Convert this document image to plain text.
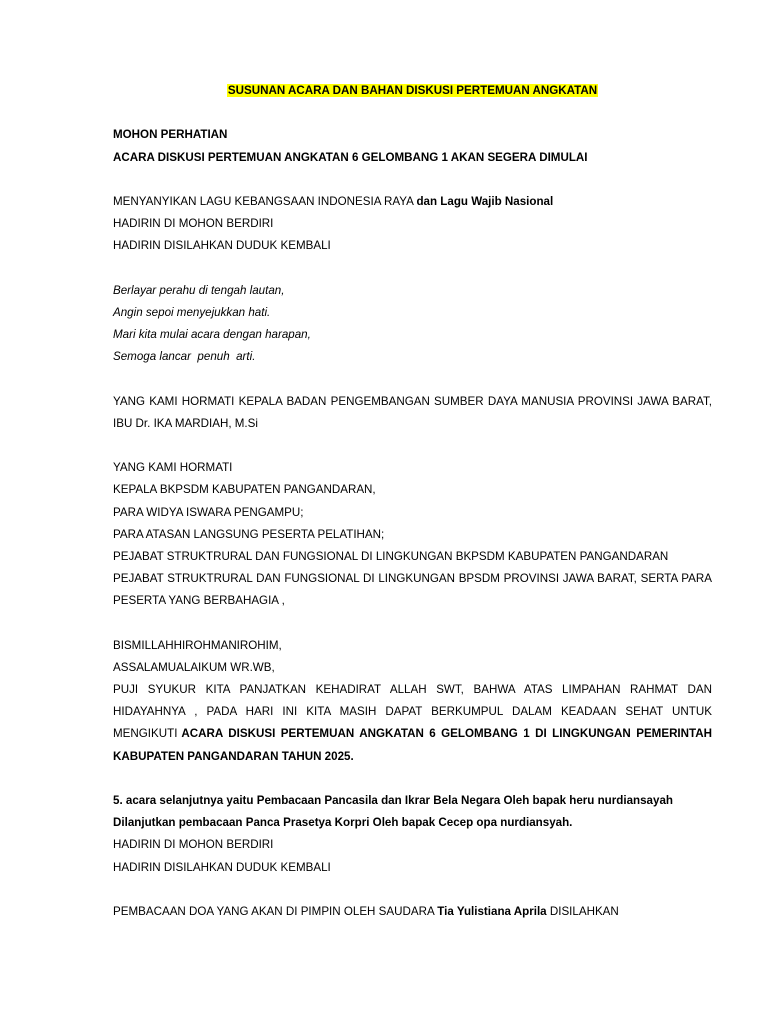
SUSUNAN ACARA DAN BAHAN DISKUSI PERTEMUAN ANGKATAN
MOHON PERHATIAN
ACARA DISKUSI PERTEMUAN ANGKATAN 6 GELOMBANG 1 AKAN SEGERA DIMULAI
MENYANYIKAN LAGU KEBANGSAAN INDONESIA RAYA dan Lagu Wajib Nasional
HADIRIN DI MOHON BERDIRI
HADIRIN DISILAHKAN DUDUK KEMBALI
Berlayar perahu di tengah lautan,
Angin sepoi menyejukkan hati.
Mari kita mulai acara dengan harapan,
Semoga lancar  penuh  arti.
YANG KAMI HORMATI KEPALA BADAN PENGEMBANGAN SUMBER DAYA MANUSIA PROVINSI JAWA BARAT,
IBU Dr. IKA MARDIAH, M.Si
YANG KAMI HORMATI
KEPALA BKPSDM KABUPATEN PANGANDARAN,
PARA WIDYA ISWARA PENGAMPU;
PARA ATASAN LANGSUNG PESERTA PELATIHAN;
PEJABAT STRUKTRURAL DAN FUNGSIONAL DI LINGKUNGAN BKPSDM KABUPATEN PANGANDARAN
PEJABAT STRUKTRURAL DAN FUNGSIONAL DI LINGKUNGAN BPSDM PROVINSI JAWA BARAT, SERTA PARA
PESERTA YANG BERBAHAGIA ,
BISMILLAHHIROHMANIROHIM,
ASSALAMUALAIKUM WR.WB,
PUJI SYUKUR KITA PANJATKAN KEHADIRAT ALLAH SWT, BAHWA ATAS LIMPAHAN RAHMAT DAN
HIDAYAHNYA , PADA HARI INI KITA MASIH DAPAT BERKUMPUL DALAM KEADAAN SEHAT UNTUK
MENGIKUTI ACARA DISKUSI PERTEMUAN ANGKATAN 6 GELOMBANG 1 DI LINGKUNGAN PEMERINTAH
KABUPATEN PANGANDARAN TAHUN 2025.
5. acara selanjutnya yaitu Pembacaan Pancasila dan Ikrar Bela Negara Oleh bapak heru nurdiansayah
Dilanjutkan pembacaan Panca Prasetya Korpri Oleh bapak Cecep opa nurdiansyah.
HADIRIN DI MOHON BERDIRI
HADIRIN DISILAHKAN DUDUK KEMBALI
PEMBACAAN DOA YANG AKAN DI PIMPIN OLEH SAUDARA Tia Yulistiana Aprila DISILAHKAN
